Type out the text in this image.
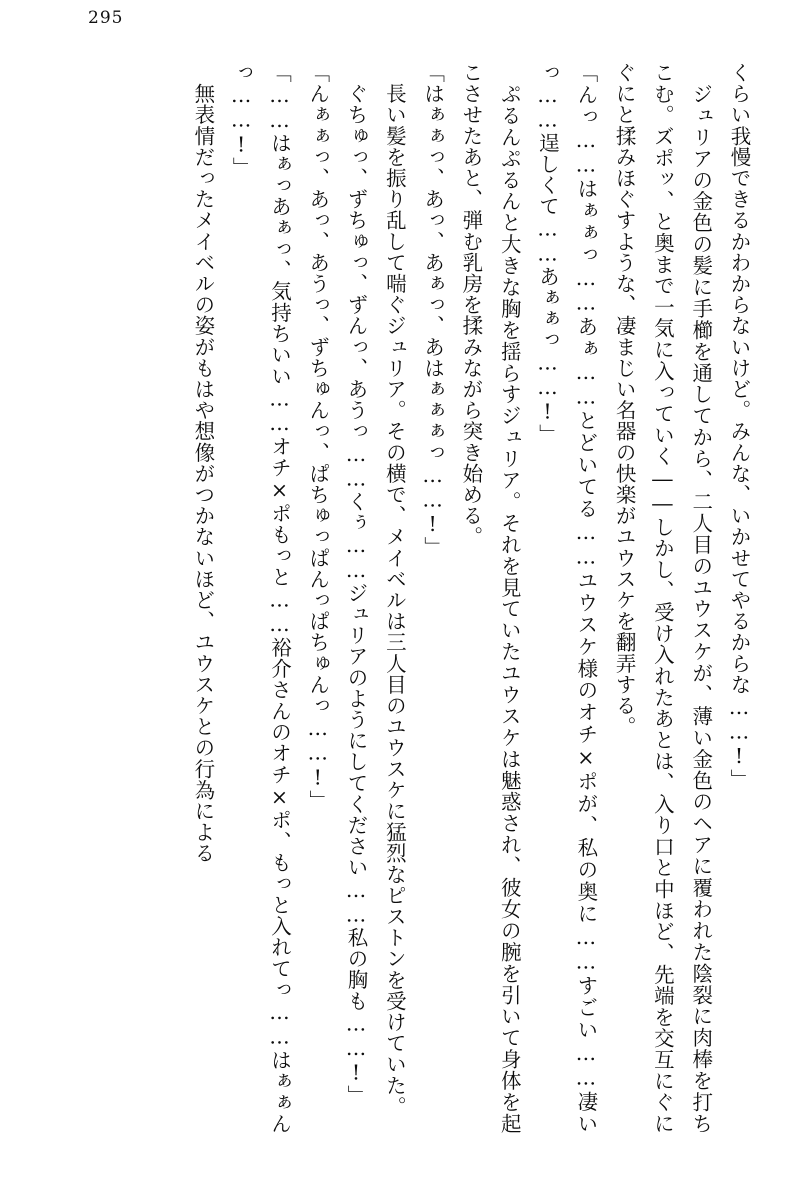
295

くらい我慢できるかわからないけど。みんな、いかせてやるからな……!」

　ジュリアの金色の髪に手櫛を通してから、二人目のユウスケが、薄い金色のヘアに覆われた陰裂に肉棒を打ちこむ。ズポッ、と奥まで一気に入っていく――しかし、受け入れたあとは、入り口と中ほど、先端を交互にぐにぐにと揉みほぐすような、凄まじい名器の快楽がユウスケを翻弄する。

「んっ……はぁぁっ……あぁ……とどいてる……ユウスケ様のオチ×ポが、私の奥に……すごい……凄いっ……逞しくて……あぁぁっ……!」

　ぷるんぷるんと大きな胸を揺らすジュリア。それを見ていたユウスケは魅惑され、彼女の腕を引いて身体を起こさせたあと、弾む乳房を揉みながら突き始める。

「はぁぁっ、あっ、あぁっ、あはぁぁぁっ……!」

　長い髪を振り乱して喘ぐジュリア。その横で、メイベルは三人目のユウスケに猛烈なピストンを受けていた。

　ぐちゅっ、ずちゅっ、ずんっ、あうっ……くぅ……ジュリアのようにしてください……私の胸も……!」

「んぁぁっ、あっ、あうっ、ずちゅんっ、ぱちゅっぱんっぱちゅんっ……!」

「……はぁっあぁっ、気持ちいい……オチ×ポもっと……裕介さんのオチ×ポ、もっと入れてっ……はぁぁんっ……!」

　無表情だったメイベルの姿がもはや想像がつかないほど、ユウスケとの行為による
